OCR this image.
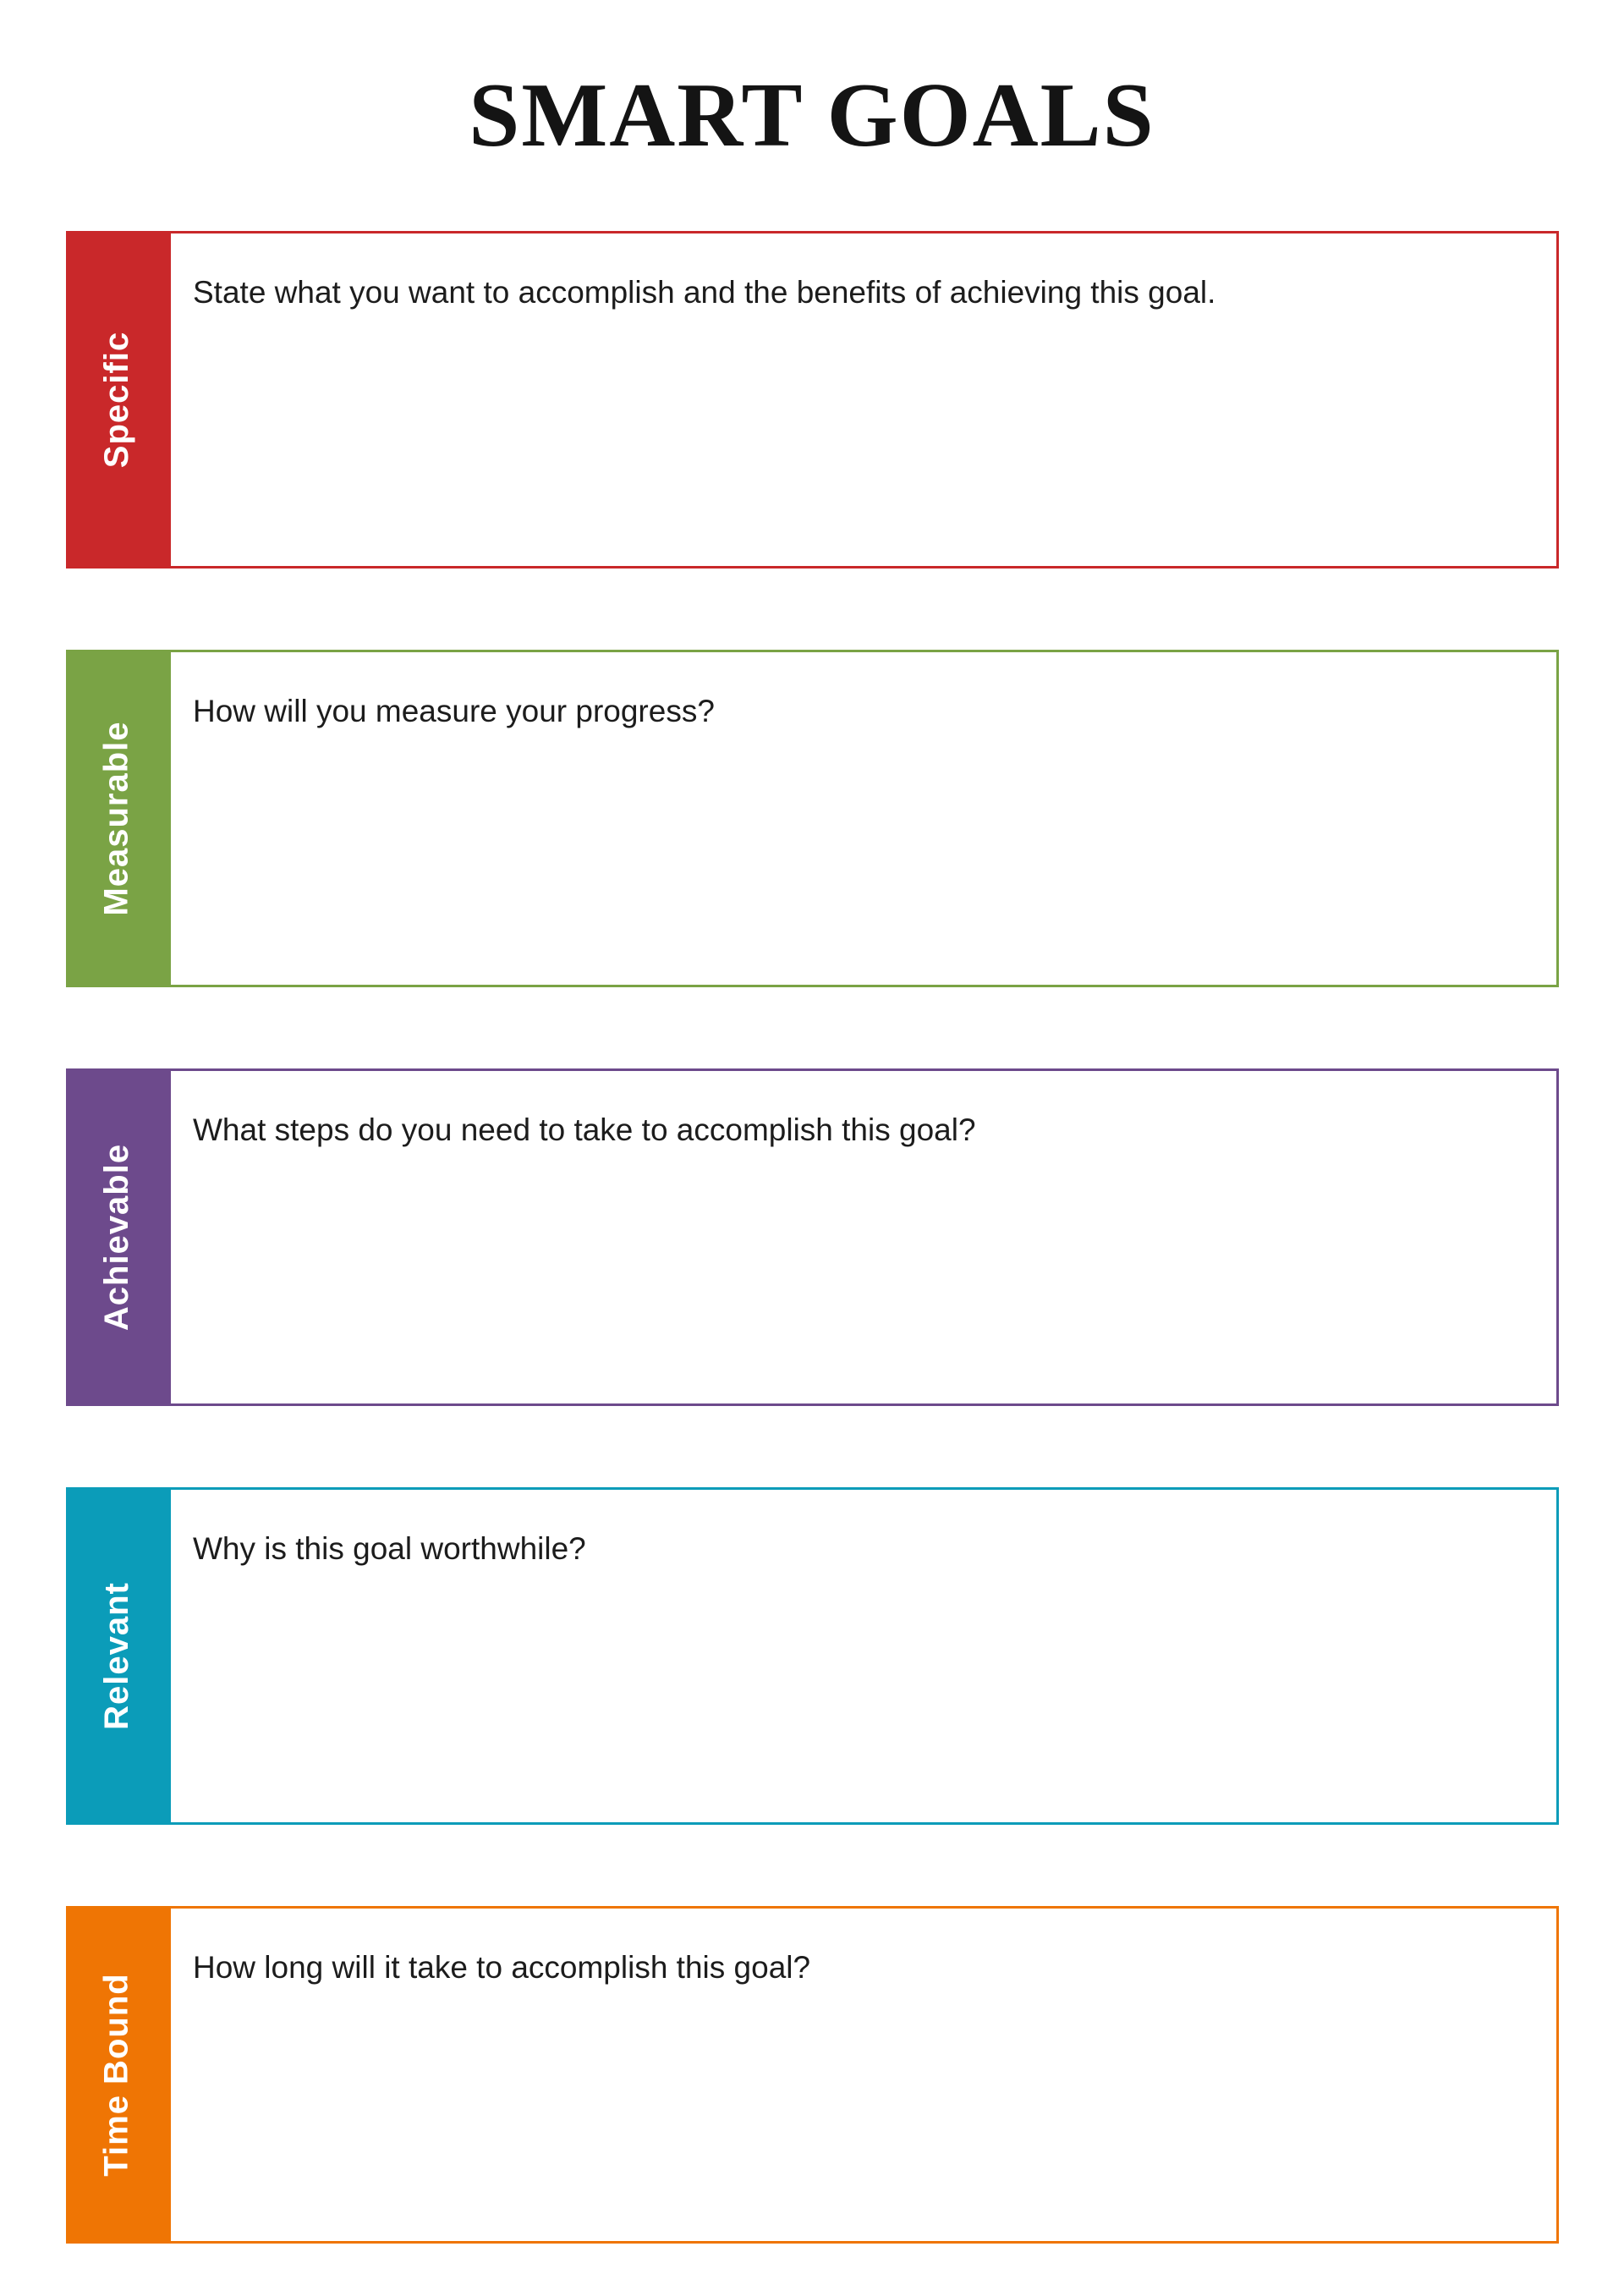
SMART GOALS
Specific

State what you want to accomplish and the benefits of achieving this goal.

Measurable

How will you measure your progress?

Achievable

What steps do you need to take to accomplish this goal?

Relevant

Why is this goal worthwhile?

Time Bound

How long will it take to accomplish this goal?
